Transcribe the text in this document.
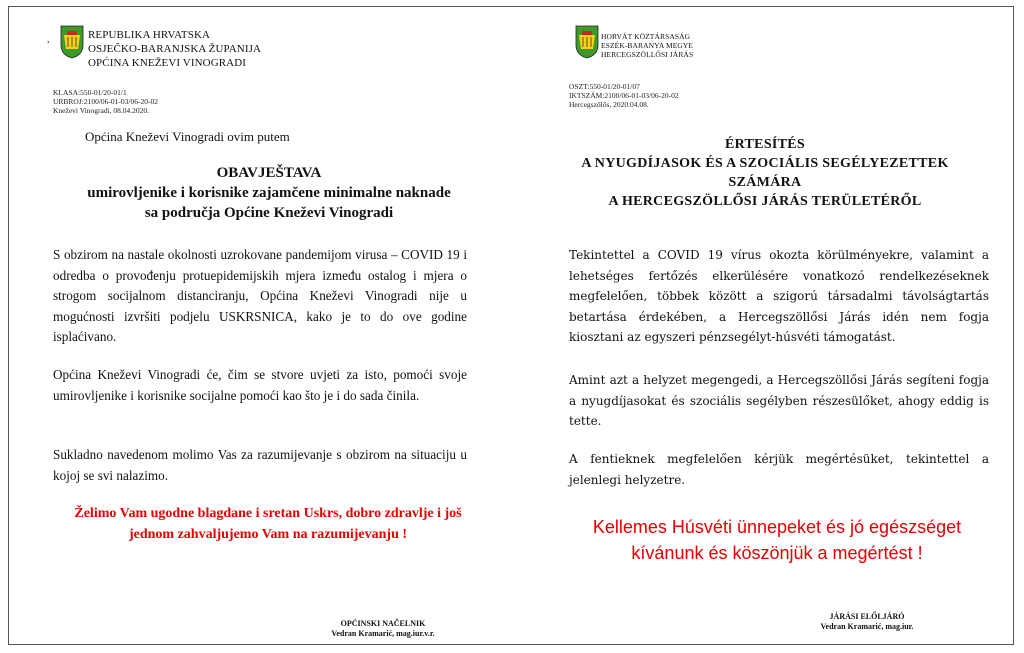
,	REPUBLIKA HRVATSKA
OSJEČKO-BARANJSKA ŽUPANIJA
OPĆINA KNEŽEVI VINOGRADI
KLASA:550-01/20-01/1
URBROJ:2100/06-01-03/06-20-02
Kneževi Vinogradi, 08.04.2020.
Općina Kneževi Vinogradi ovim putem
OBAVJEŠTAVA
umirovljenike i korisnike zajamčene minimalne naknade
sa područja Općine Kneževi Vinogradi
S obzirom na nastale okolnosti uzrokovane pandemijom virusa – COVID 19 i odredba o provođenju protuepidemijskih mjera između ostalog i mjera o strogom socijalnom distanciranju, Općina Kneževi Vinogradi nije u mogućnosti izvršiti podjelu USKRSNICA, kako je to do ove godine isplaćivano.
Općina Kneževi Vinogradi će, čim se stvore uvjeti za isto, pomoći svoje umirovljenike i korisnike socijalne pomoći kao što je i do sada činila.
Sukladno navedenom molimo Vas za razumijevanje s obzirom na situaciju u kojoj se svi nalazimo.
Želimo Vam ugodne blagdane i sretan Uskrs, dobro zdravlje i još jednom zahvaljujemo Vam na razumijevanju !
OPĆINSKI NAČELNIK
Vedran Kramarić, mag.iur.v.r.
HORVÁT KÖZTÁRSASÁG
ESZÉK-BARANYA MEGYE
HERCEGSZÖLLŐSI JÁRÁS
OSZT:550-01/20-01/07
IKTSZÁM:2100/06-01-03/06-20-02
Hercegszőlős, 2020.04.08.
ÉRTESÍTÉS
A NYUGDÍJASOK ÉS A SZOCIÁLIS SEGÉLYEZETTEK
SZÁMÁRA
A HERCEGSZÖLLŐSI JÁRÁS TERÜLETÉRŐL
Tekintettel a COVID 19 vírus okozta körülményekre, valamint a lehetséges fertőzés elkerülésére vonatkozó rendelkezéseknek megfelelően, többek között a szigorú társadalmi távolságtartás betartása érdekében, a Hercegszöllősi Járás idén nem fogja kiosztani az egyszeri pénzsegélyt-húsvéti támogatást.
Amint azt a helyzet megengedi, a Hercegszöllősi Járás segíteni fogja a nyugdíjasokat és szociális segélyben részesülőket, ahogy eddig is tette.
A fentieknek megfelelően kérjük megértésüket, tekintettel a jelenlegi helyzetre.
Kellemes Húsvéti ünnepeket és jó egészséget kívánunk és köszönjük a megértést !
JÁRÁSI ELŐLJÁRÓ
Vedran Kramarić, mag.iur.
